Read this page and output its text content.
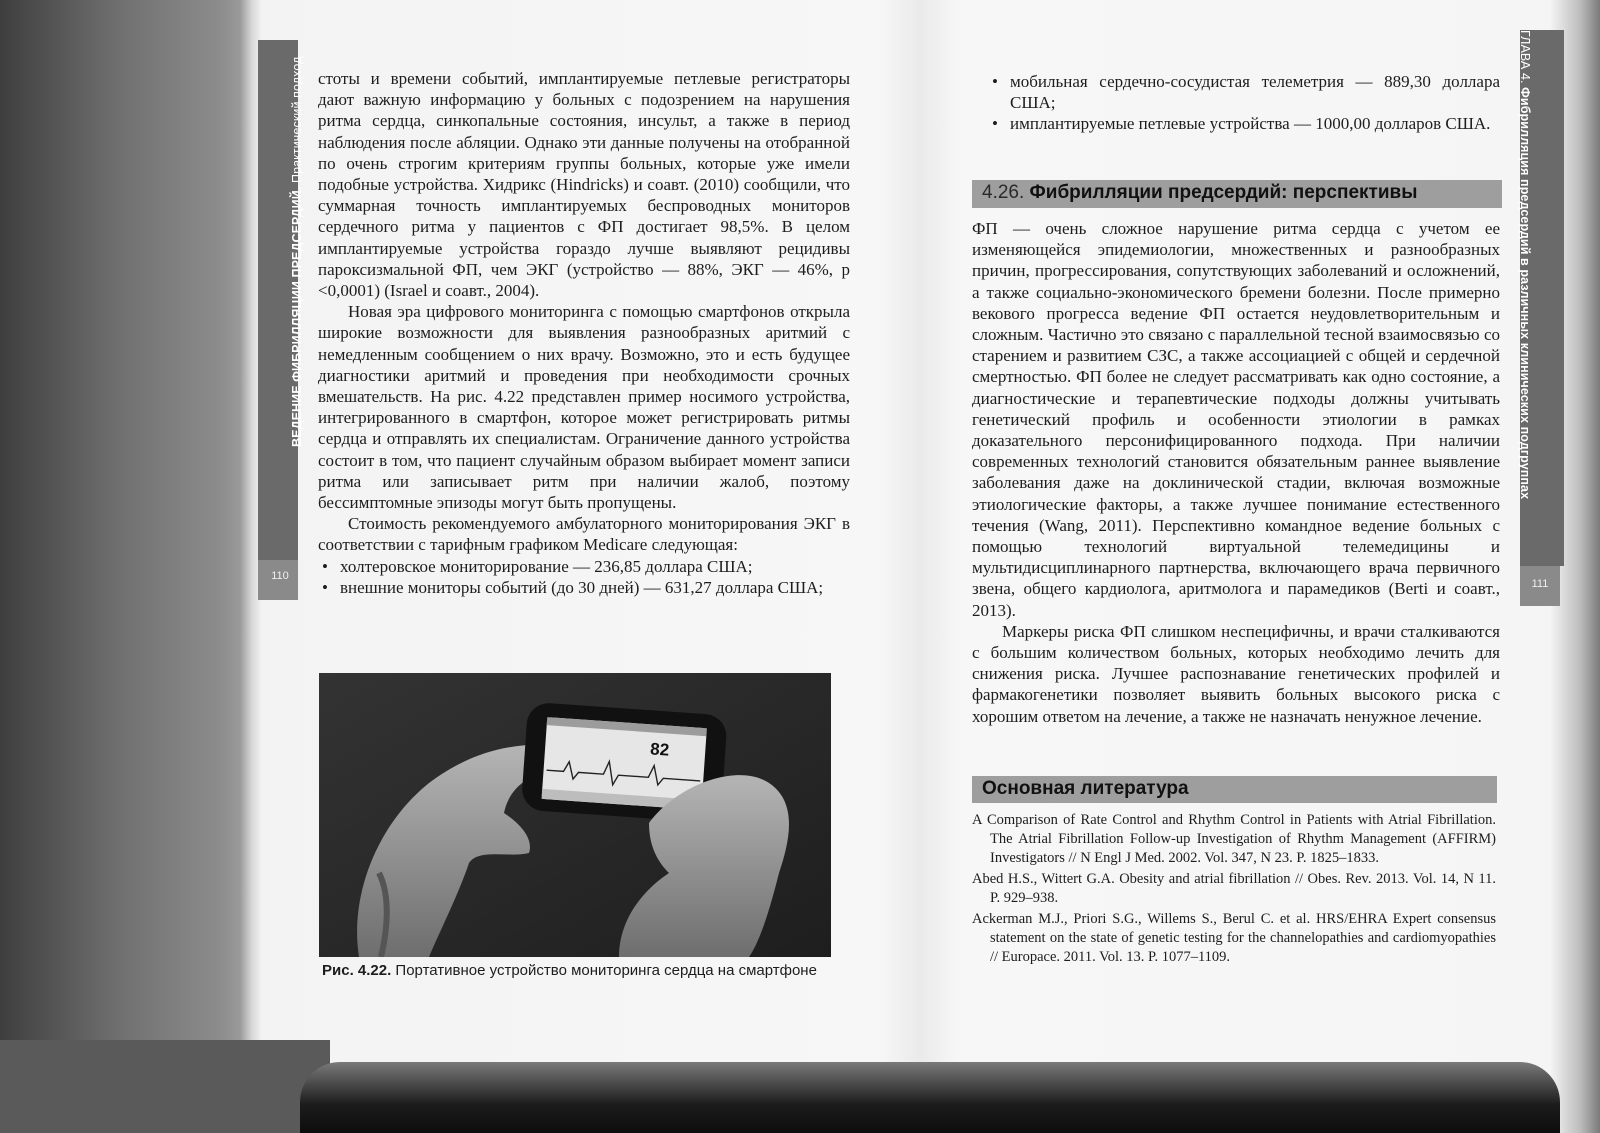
ВЕДЕНИЕ ФИБРИЛЛЯЦИИ ПРЕДСЕРДИЙ. Практический подход
110
ГЛАВА 4. Фибрилляция предсердий в различных клинических подгруппах
111

стоты и времени событий, имплантируемые петлевые регистраторы дают важную информацию у больных с подозрением на нарушения ритма сердца, синкопальные состояния, инсульт, а также в период наблюдения после абляции. Однако эти данные получены на отобранной по очень строгим критериям группы больных, которые уже имели подобные устройства. Хидрикс (Hindricks) и соавт. (2010) сообщили, что суммарная точность имплантируемых беспроводных мониторов сердечного ритма у пациентов с ФП достигает 98,5%. В целом имплантируемые устройства гораздо лучше выявляют рецидивы пароксизмальной ФП, чем ЭКГ (устройство — 88%, ЭКГ — 46%, p <0,0001) (Israel и соавт., 2004).

Новая эра цифрового мониторинга с помощью смартфонов открыла широкие возможности для выявления разнообразных аритмий с немедленным сообщением о них врачу. Возможно, это и есть будущее диагностики аритмий и проведения при необходимости срочных вмешательств. На рис. 4.22 представлен пример носимого устройства, интегрированного в смартфон, которое может регистрировать ритмы сердца и отправлять их специалистам. Ограничение данного устройства состоит в том, что пациент случайным образом выбирает момент записи ритма или записывает ритм при наличии жалоб, поэтому бессимптомные эпизоды могут быть пропущены.

Стоимость рекомендуемого амбулаторного мониторирования ЭКГ в соответствии с тарифным графиком Medicare следующая:

• холтеровское мониторирование — 236,85 доллара США;
• внешние мониторы событий (до 30 дней) — 631,27 доллара США;
82
Рис. 4.22. Портативное устройство мониторинга сердца на смартфоне
• мобильная сердечно-сосудистая телеметрия — 889,30 доллара США;
• имплантируемые петлевые устройства — 1000,00 долларов США.
4.26. Фибрилляции предсердий: перспективы

ФП — очень сложное нарушение ритма сердца с учетом ее изменяющейся эпидемиологии, множественных и разнообразных причин, прогрессирования, сопутствующих заболеваний и осложнений, а также социально-экономического бремени болезни. После примерно векового прогресса ведение ФП остается неудовлетворительным и сложным. Частично это связано с параллельной тесной взаимосвязью со старением и развитием СЗС, а также ассоциацией с общей и сердечной смертностью. ФП более не следует рассматривать как одно состояние, а диагностические и терапевтические подходы должны учитывать генетический профиль и особенности этиологии в рамках доказательного персонифицированного подхода. При наличии современных технологий становится обязательным раннее выявление заболевания даже на доклинической стадии, включая возможные этиологические факторы, а также лучшее понимание естественного течения (Wang, 2011). Перспективно командное ведение больных с помощью технологий виртуальной телемедицины и мультидисциплинарного партнерства, включающего врача первичного звена, общего кардиолога, аритмолога и парамедиков (Berti и соавт., 2013).

Маркеры риска ФП слишком неспецифичны, и врачи сталкиваются с большим количеством больных, которых необходимо лечить для снижения риска. Лучшее распознавание генетических профилей и фармакогенетики позволяет выявить больных высокого риска с хорошим ответом на лечение, а также не назначать ненужное лечение.

Основная литература

A Comparison of Rate Control and Rhythm Control in Patients with Atrial Fibrillation. The Atrial Fibrillation Follow-up Investigation of Rhythm Management (AFFIRM) Investigators // N Engl J Med. 2002. Vol. 347, N 23. P. 1825–1833.

Abed H.S., Wittert G.A. Obesity and atrial fibrillation // Obes. Rev. 2013. Vol. 14, N 11. P. 929–938.

Ackerman M.J., Priori S.G., Willems S., Berul C. et al. HRS/EHRA Expert consensus statement on the state of genetic testing for the channelopathies and cardiomyopathies // Europace. 2011. Vol. 13. P. 1077–1109.
